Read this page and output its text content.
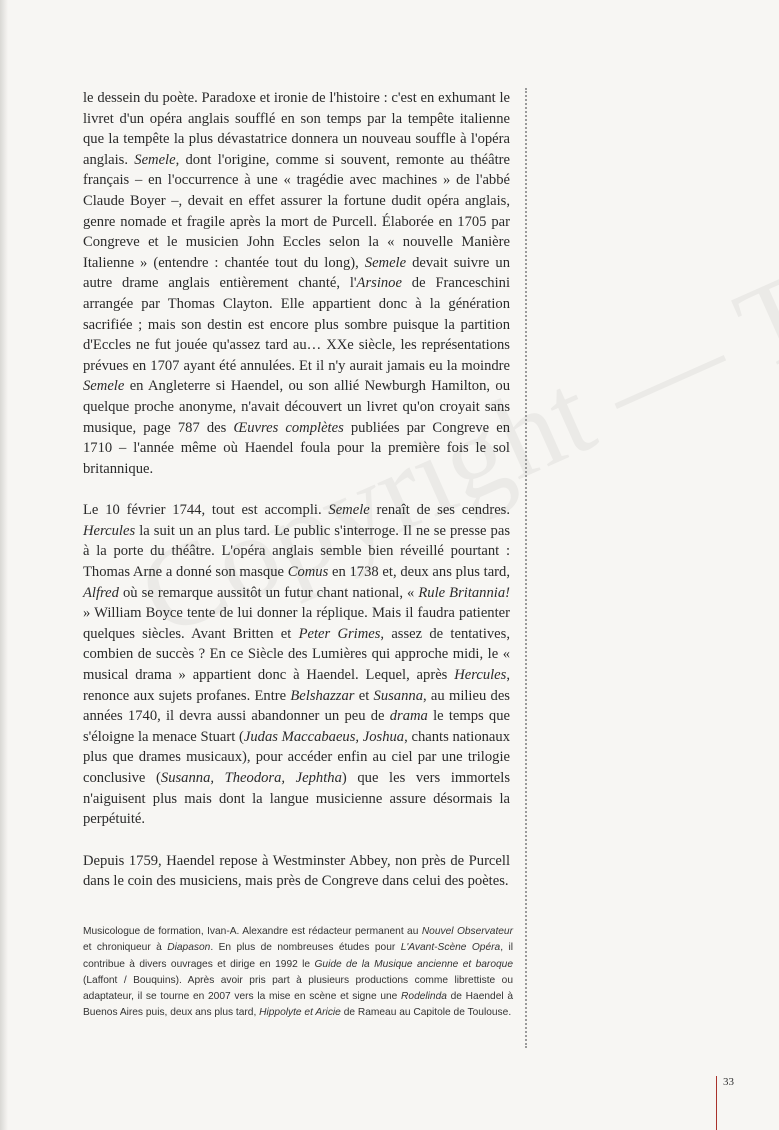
le dessein du poète. Paradoxe et ironie de l'histoire : c'est en exhumant le livret d'un opéra anglais soufflé en son temps par la tempête italienne que la tempête la plus dévastatrice donnera un nouveau souffle à l'opéra anglais. Semele, dont l'origine, comme si souvent, remonte au théâtre français – en l'occurrence à une « tragédie avec machines » de l'abbé Claude Boyer –, devait en effet assurer la fortune dudit opéra anglais, genre nomade et fragile après la mort de Purcell. Élaborée en 1705 par Congreve et le musicien John Eccles selon la « nouvelle Manière Italienne » (entendre : chantée tout du long), Semele devait suivre un autre drame anglais entièrement chanté, l'Arsinoe de Franceschini arrangée par Thomas Clayton. Elle appartient donc à la génération sacrifiée ; mais son destin est encore plus sombre puisque la partition d'Eccles ne fut jouée qu'assez tard au… XXe siècle, les représentations prévues en 1707 ayant été annulées. Et il n'y aurait jamais eu la moindre Semele en Angleterre si Haendel, ou son allié Newburgh Hamilton, ou quelque proche anonyme, n'avait découvert un livret qu'on croyait sans musique, page 787 des Œuvres complètes publiées par Congreve en 1710 – l'année même où Haendel foula pour la première fois le sol britannique.

Le 10 février 1744, tout est accompli. Semele renaît de ses cendres. Hercules la suit un an plus tard. Le public s'interroge. Il ne se presse pas à la porte du théâtre. L'opéra anglais semble bien réveillé pourtant : Thomas Arne a donné son masque Comus en 1738 et, deux ans plus tard, Alfred où se remarque aussitôt un futur chant national, « Rule Britannia! » William Boyce tente de lui donner la réplique. Mais il faudra patienter quelques siècles. Avant Britten et Peter Grimes, assez de tentatives, combien de succès ? En ce Siècle des Lumières qui approche midi, le « musical drama » appartient donc à Haendel. Lequel, après Hercules, renonce aux sujets profanes. Entre Belshazzar et Susanna, au milieu des années 1740, il devra aussi abandonner un peu de drama le temps que s'éloigne la menace Stuart (Judas Maccabaeus, Joshua, chants nationaux plus que drames musicaux), pour accéder enfin au ciel par une trilogie conclusive (Susanna, Theodora, Jephtha) que les vers immortels n'aiguisent plus mais dont la langue musicienne assure désormais la perpétuité.

Depuis 1759, Haendel repose à Westminster Abbey, non près de Purcell dans le coin des musiciens, mais près de Congreve dans celui des poètes.

Musicologue de formation, Ivan-A. Alexandre est rédacteur permanent au Nouvel Observateur et chroniqueur à Diapason. En plus de nombreuses études pour L'Avant-Scène Opéra, il contribue à divers ouvrages et dirige en 1992 le Guide de la Musique ancienne et baroque (Laffont / Bouquins). Après avoir pris part à plusieurs productions comme librettiste ou adaptateur, il se tourne en 2007 vers la mise en scène et signe une Rodelinda de Haendel à Buenos Aires puis, deux ans plus tard, Hippolyte et Aricie de Rameau au Capitole de Toulouse.
33
